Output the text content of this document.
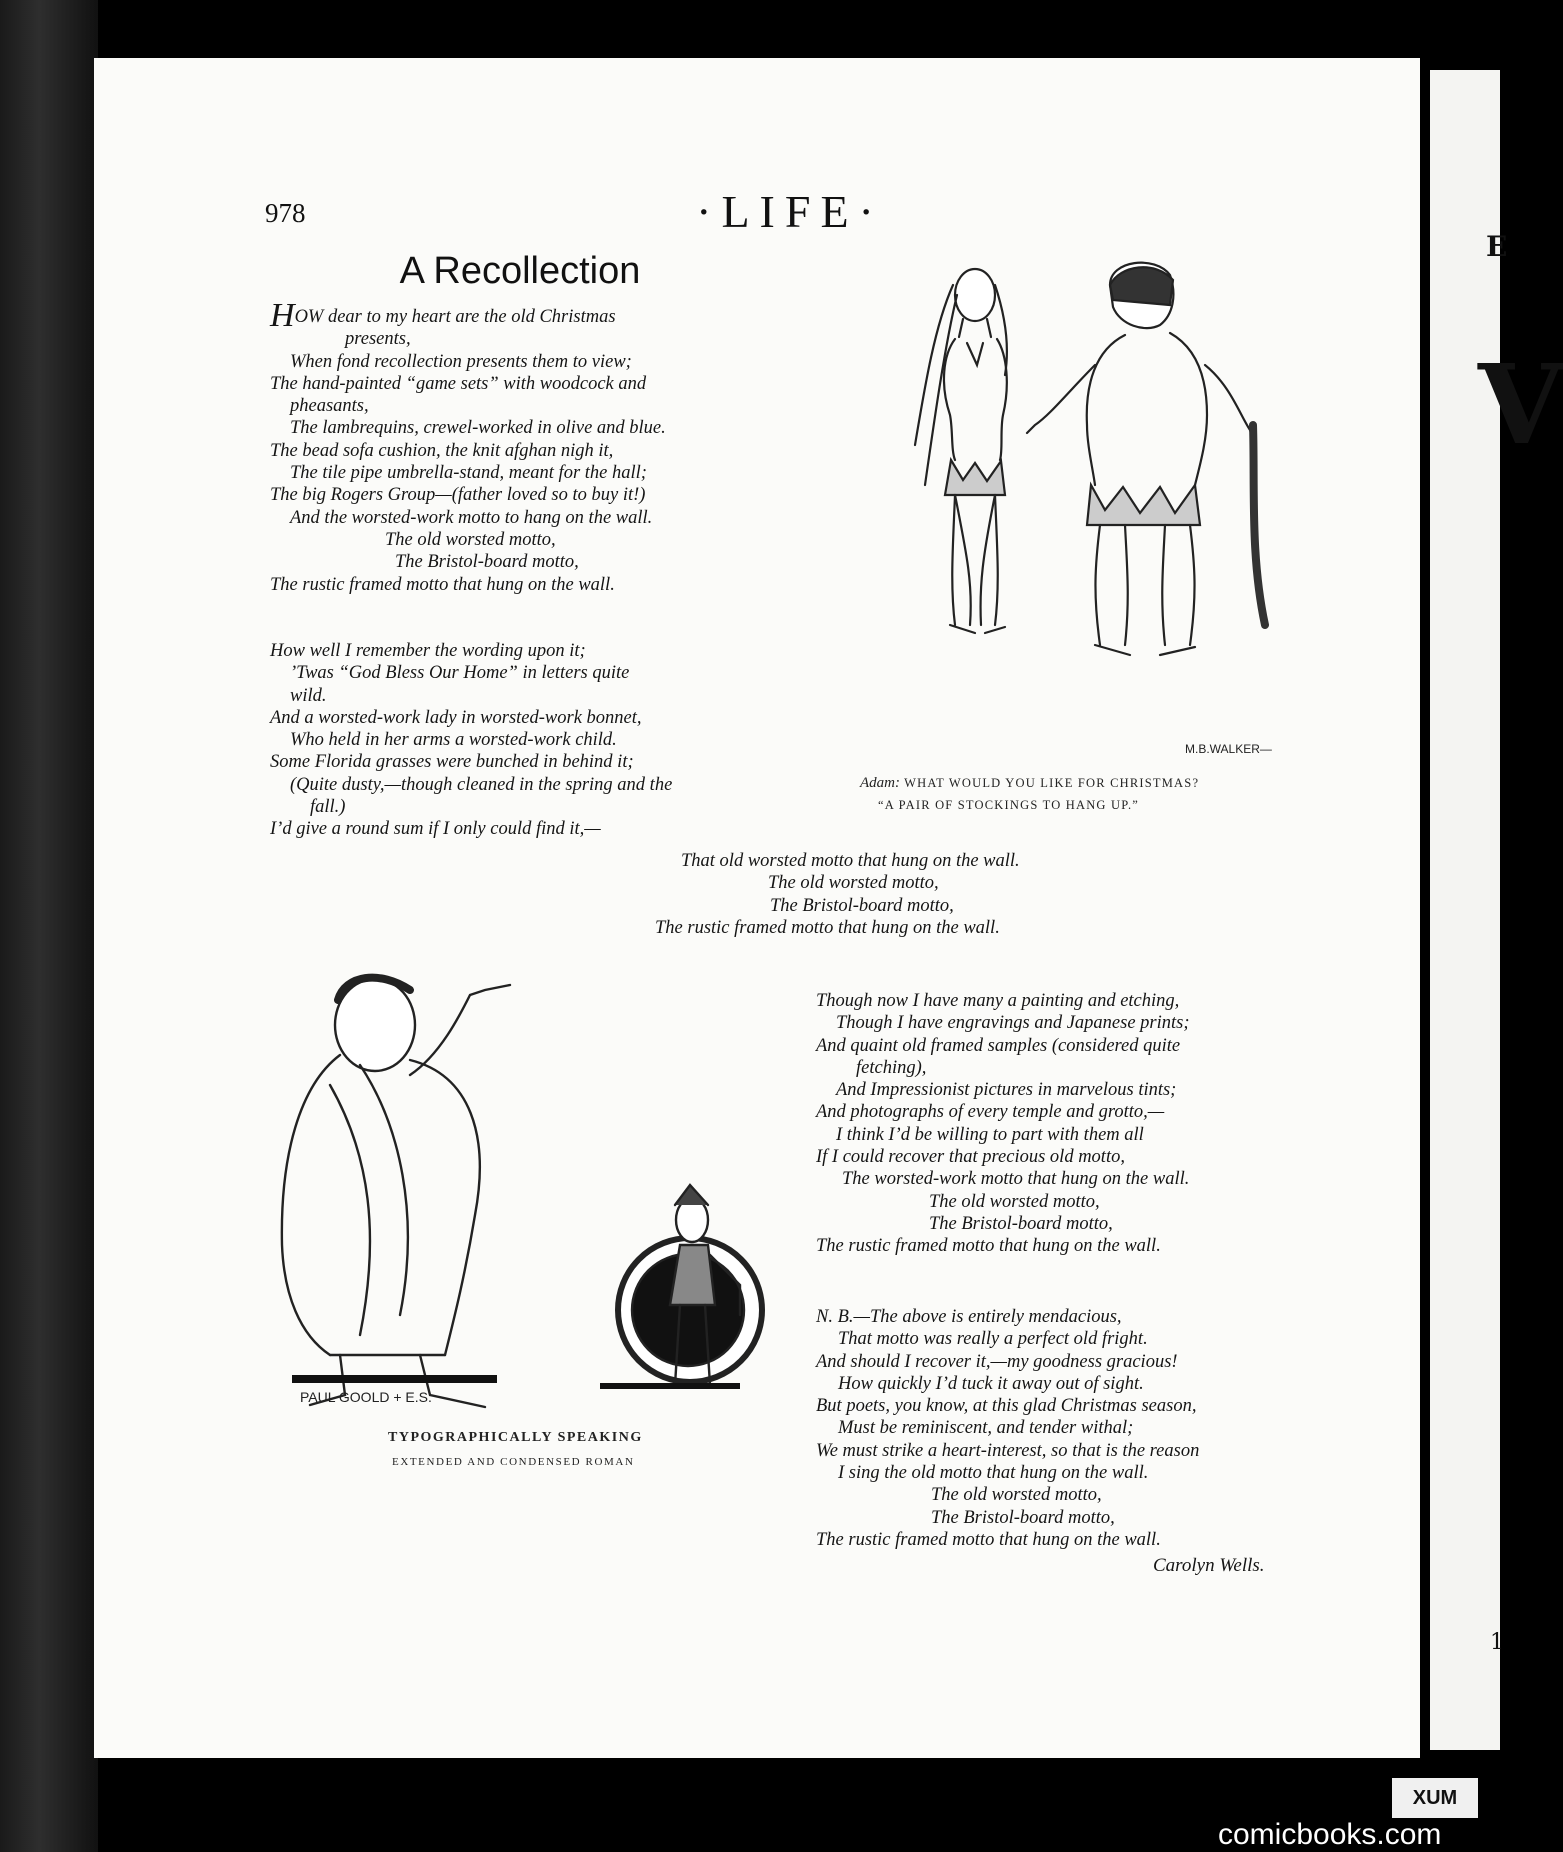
E
V
1
978	·LIFE·
A Recollection
HOW dear to my heart are the old Christmas
presents,
When fond recollection presents them to view;
The hand-painted “game sets” with woodcock and
pheasants,
The lambrequins, crewel-worked in olive and blue.
The bead sofa cushion, the knit afghan nigh it,
The tile pipe umbrella-stand, meant for the hall;
The big Rogers Group—(father loved so to buy it!)
And the worsted-work motto to hang on the wall.
The old worsted motto,
The Bristol-board motto,
The rustic framed motto that hung on the wall.
How well I remember the wording upon it;
’Twas “God Bless Our Home” in letters quite
wild.
And a worsted-work lady in worsted-work bonnet,
Who held in her arms a worsted-work child.
Some Florida grasses were bunched in behind it;
(Quite dusty,—though cleaned in the spring and the
fall.)
I’d give a round sum if I only could find it,—
That old worsted motto that hung on the wall.
The old worsted motto,
The Bristol-board motto,
The rustic framed motto that hung on the wall.
Though now I have many a painting and etching,
Though I have engravings and Japanese prints;
And quaint old framed samples (considered quite
fetching),
And Impressionist pictures in marvelous tints;
And photographs of every temple and grotto,—
I think I’d be willing to part with them all
If I could recover that precious old motto,
The worsted-work motto that hung on the wall.
The old worsted motto,
The Bristol-board motto,
The rustic framed motto that hung on the wall.
N. B.—The above is entirely mendacious,
That motto was really a perfect old fright.
And should I recover it,—my goodness gracious!
How quickly I’d tuck it away out of sight.
But poets, you know, at this glad Christmas season,
Must be reminiscent, and tender withal;
We must strike a heart-interest, so that is the reason
I sing the old motto that hung on the wall.
The old worsted motto,
The Bristol-board motto,
The rustic framed motto that hung on the wall.
Carolyn Wells.
M.B.WALKER—
Adam: WHAT WOULD YOU LIKE FOR CHRISTMAS?
“A PAIR OF STOCKINGS TO HANG UP.”
PAUL GOOLD + E.S.
TYPOGRAPHICALLY SPEAKING
EXTENDED AND CONDENSED ROMAN
XUM
comicbooks.com
